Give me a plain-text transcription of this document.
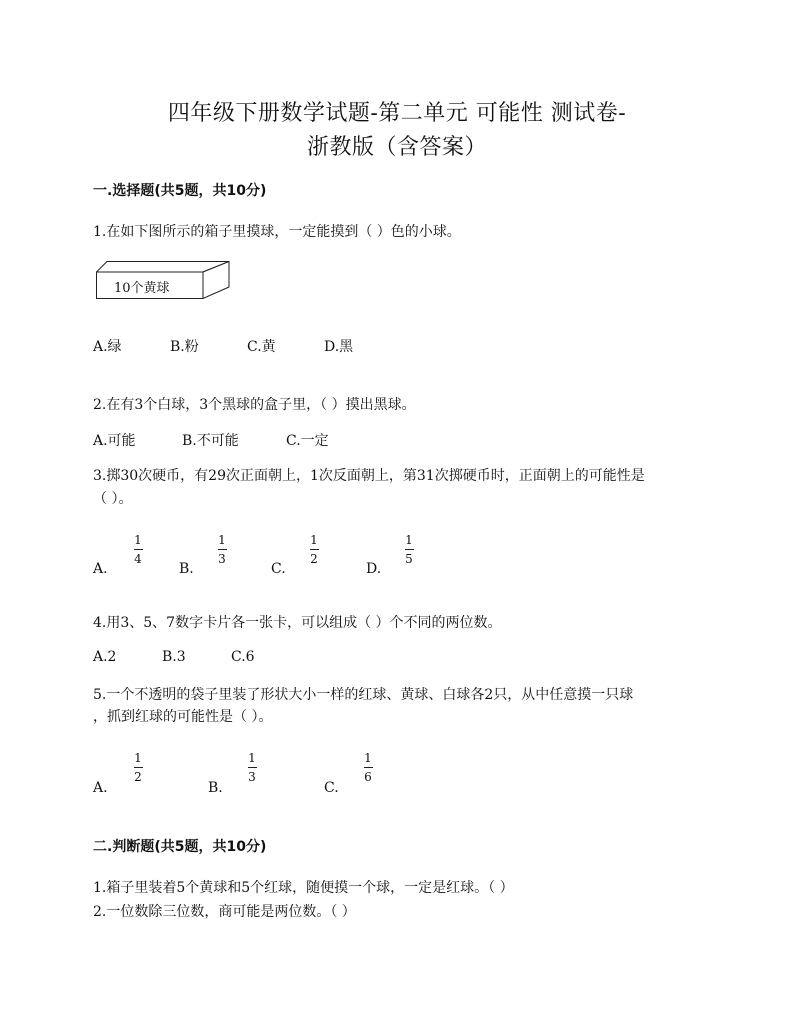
四年级下册数学试题-第二单元 可能性 测试卷-
浙教版（含答案）
一.选择题(共5题，共10分)
1.在如下图所示的箱子里摸球，一定能摸到（ ）色的小球。
10个黄球
A.绿	B.粉	C.黄	D.黑
2.在有3个白球，3个黑球的盒子里，（ ）摸出黑球。
A.可能	B.不可能	C.一定
3.掷30次硬币，有29次正面朝上，1次反面朝上，第31次掷硬币时，正面朝上的可能性是
（ ）。
A.
1
4
B.
1
3
C.
1
2
D.
1
5
4.用3、5、7数字卡片各一张卡，可以组成（ ）个不同的两位数。
A.2	B.3	C.6
5.一个不透明的袋子里装了形状大小一样的红球、黄球、白球各2只，从中任意摸一只球
，抓到红球的可能性是（ ）。
A.
1
2
B.
1
3
C.
1
6
二.判断题(共5题，共10分)
1.箱子里装着5个黄球和5个红球，随便摸一个球，一定是红球。（ ）
2.一位数除三位数，商可能是两位数。（ ）
